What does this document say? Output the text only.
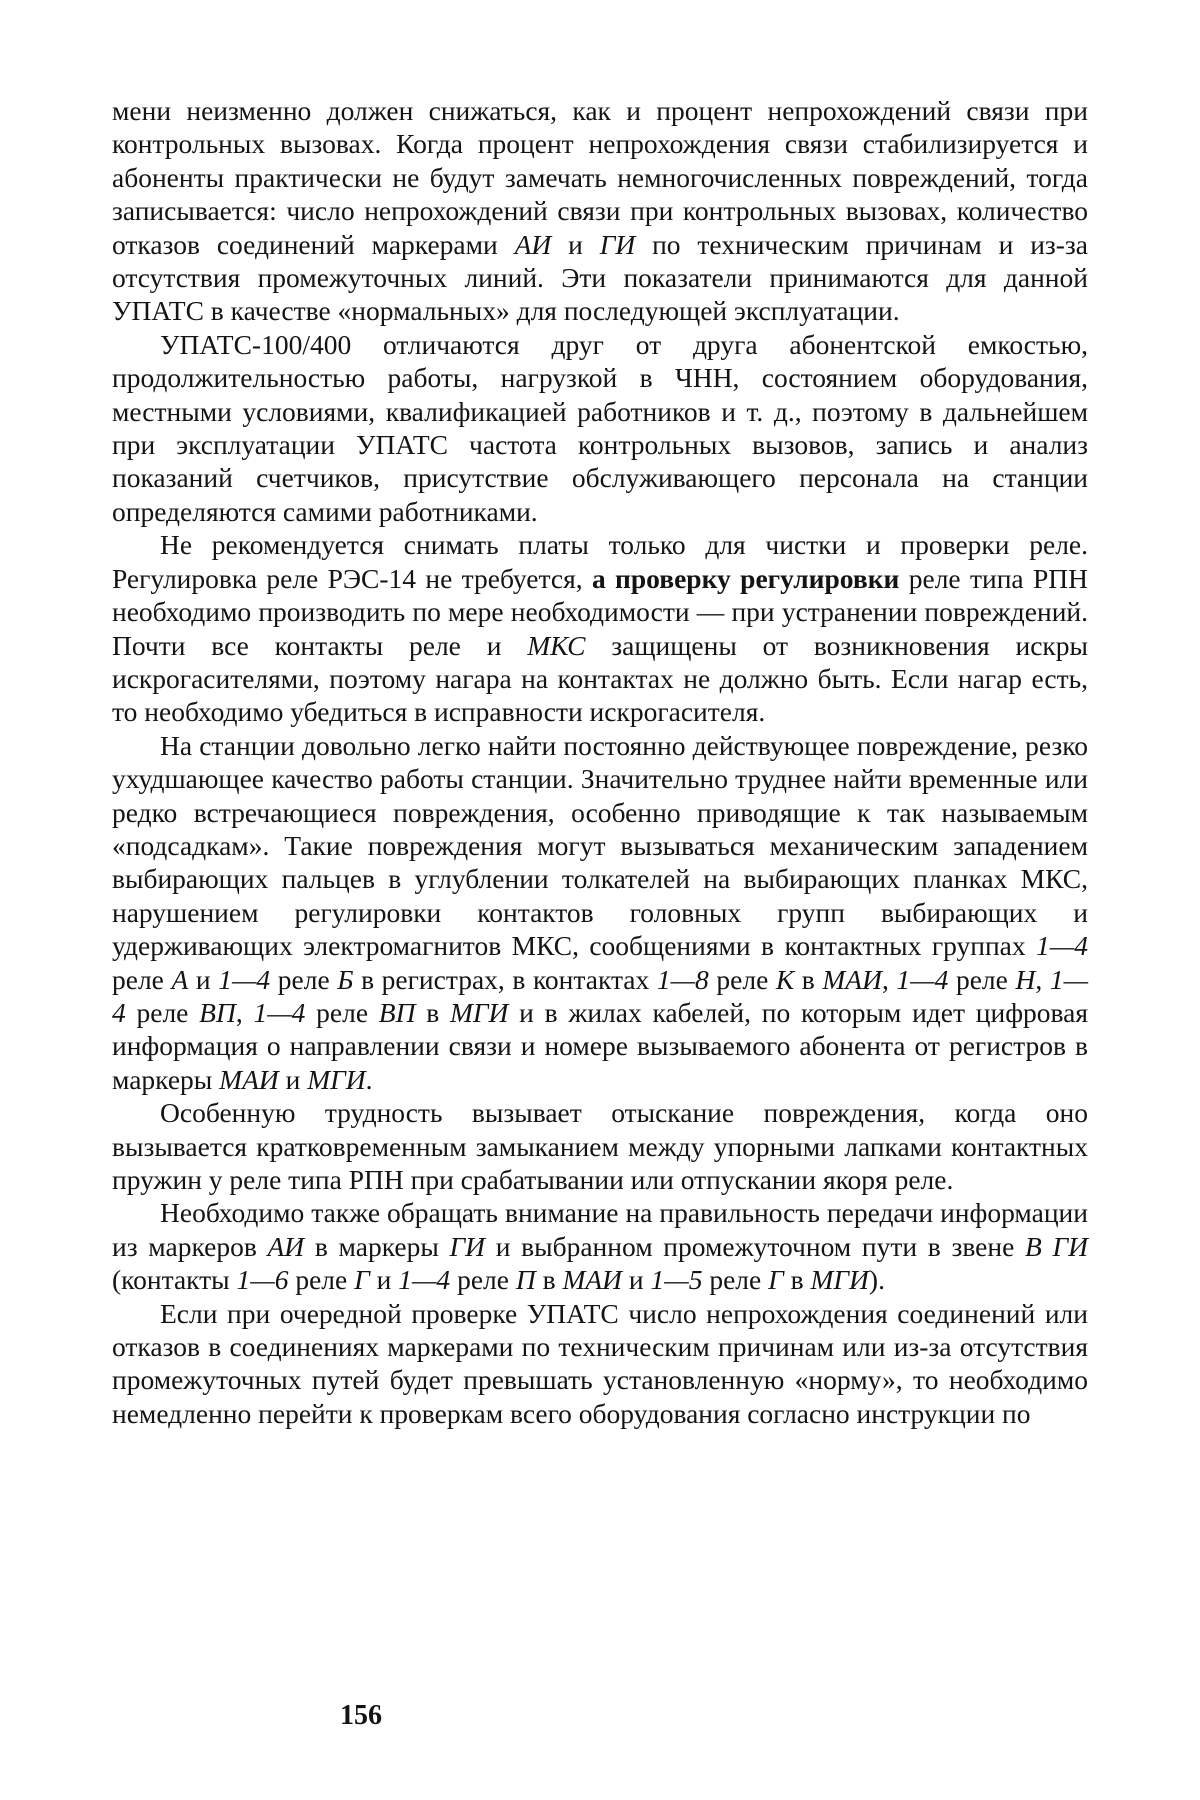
мени неизменно должен снижаться, как и процент непрохождений связи при контрольных вызовах. Когда процент непрохождения связи стабилизируется и абоненты практически не будут замечать немногочисленных повреждений, тогда записывается: число непрохождений связи при контрольных вызовах, количество отказов соединений маркерами АИ и ГИ по техническим причинам и из-за отсутствия промежуточных линий. Эти показатели принимаются для данной УПАТС в качестве «нормальных» для последующей эксплуатации.

УПАТС-100/400 отличаются друг от друга абонентской емкостью, продолжительностью работы, нагрузкой в ЧНН, состоянием оборудования, местными условиями, квалификацией работников и т. д., поэтому в дальнейшем при эксплуатации УПАТС частота контрольных вызовов, запись и анализ показаний счетчиков, присутствие обслуживающего персонала на станции определяются самими работниками.

Не рекомендуется снимать платы только для чистки и проверки реле. Регулировка реле РЭС-14 не требуется, а проверку регулировки реле типа РПН необходимо производить по мере необходимости — при устранении повреждений. Почти все контакты реле и МКС защищены от возникновения искры искрогасителями, поэтому нагара на контактах не должно быть. Если нагар есть, то необходимо убедиться в исправности искрогасителя.

На станции довольно легко найти постоянно действующее повреждение, резко ухудшающее качество работы станции. Значительно труднее найти временные или редко встречающиеся повреждения, особенно приводящие к так называемым «подсадкам». Такие повреждения могут вызываться механическим западением выбирающих пальцев в углублении толкателей на выбирающих планках МКС, нарушением регулировки контактов головных групп выбирающих и удерживающих электромагнитов МКС, сообщениями в контактных группах 1—4 реле А и 1—4 реле Б в регистрах, в контактах 1—8 реле К в МАИ, 1—4 реле Н, 1—4 реле ВП, 1—4 реле ВП в МГИ и в жилах кабелей, по которым идет цифровая информация о направлении связи и номере вызываемого абонента от регистров в маркеры МАИ и МГИ.

Особенную трудность вызывает отыскание повреждения, когда оно вызывается кратковременным замыканием между упорными лапками контактных пружин у реле типа РПН при срабатывании или отпускании якоря реле.

Необходимо также обращать внимание на правильность передачи информации из маркеров АИ в маркеры ГИ и выбранном промежуточном пути в звене В ГИ (контакты 1—6 реле Г и 1—4 реле П в МАИ и 1—5 реле Г в МГИ).

Если при очередной проверке УПАТС число непрохождения соединений или отказов в соединениях маркерами по техническим причинам или из-за отсутствия промежуточных путей будет превышать установленную «норму», то необходимо немедленно перейти к проверкам всего оборудования согласно инструкции по

156
